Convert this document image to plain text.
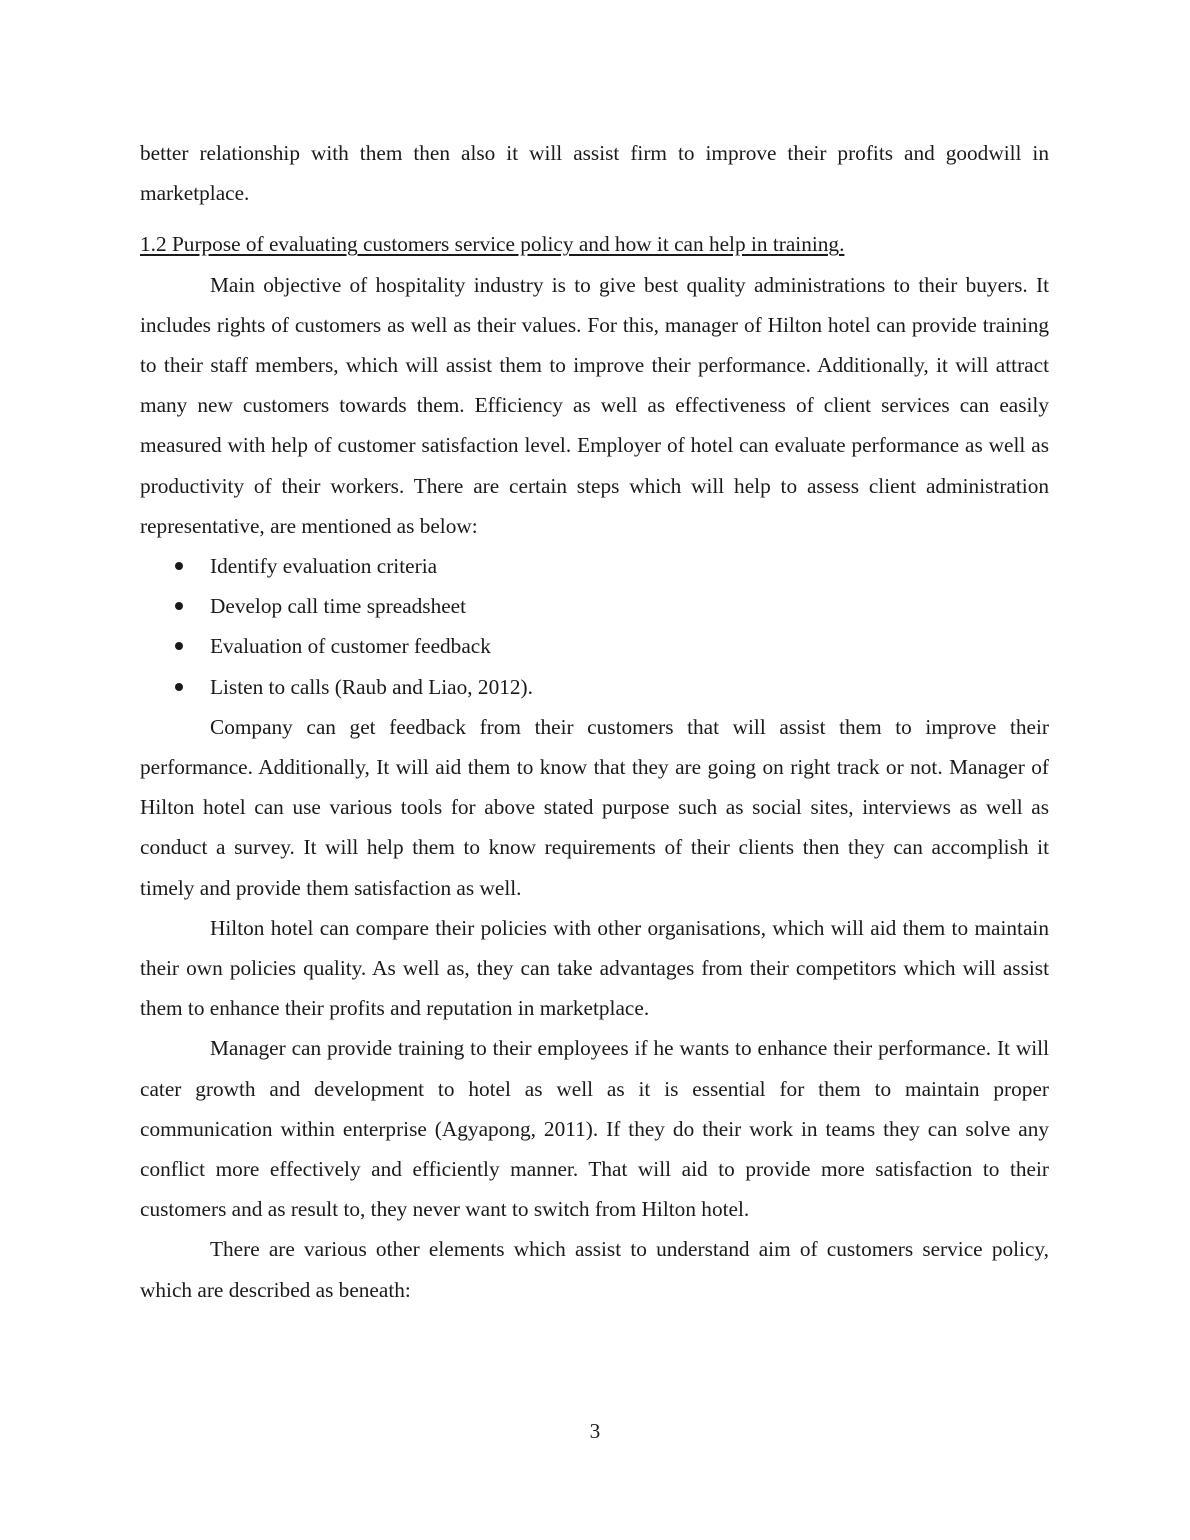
better relationship with them then also it will assist firm to improve their profits and goodwill in marketplace.

1.2 Purpose of evaluating customers service policy and how it can help in training.

Main objective of hospitality industry is to give best quality administrations to their buyers. It includes rights of customers as well as their values. For this, manager of Hilton hotel can provide training to their staff members, which will assist them to improve their performance. Additionally, it will attract many new customers towards them. Efficiency as well as effectiveness of client services can easily measured with help of customer satisfaction level. Employer of hotel can evaluate performance as well as productivity of their workers. There are certain steps which will help to assess client administration representative, are mentioned as below:

Identify evaluation criteria
Develop call time spreadsheet
Evaluation of customer feedback
Listen to calls (Raub and Liao, 2012).

Company can get feedback from their customers that will assist them to improve their performance. Additionally, It will aid them to know that they are going on right track or not. Manager of Hilton hotel can use various tools for above stated purpose such as social sites, interviews as well as conduct a survey. It will help them to know requirements of their clients then they can accomplish it timely and provide them satisfaction as well.

Hilton hotel can compare their policies with other organisations, which will aid them to maintain their own policies quality. As well as, they can take advantages from their competitors which will assist them to enhance their profits and reputation in marketplace.

Manager can provide training to their employees if he wants to enhance their performance. It will cater growth and development to hotel as well as it is essential for them to maintain proper communication within enterprise (Agyapong, 2011). If they do their work in teams they can solve any conflict more effectively and efficiently manner. That will aid to provide more satisfaction to their customers and as result to, they never want to switch from Hilton hotel.

There are various other elements which assist to understand aim of customers service policy, which are described as beneath:

3
